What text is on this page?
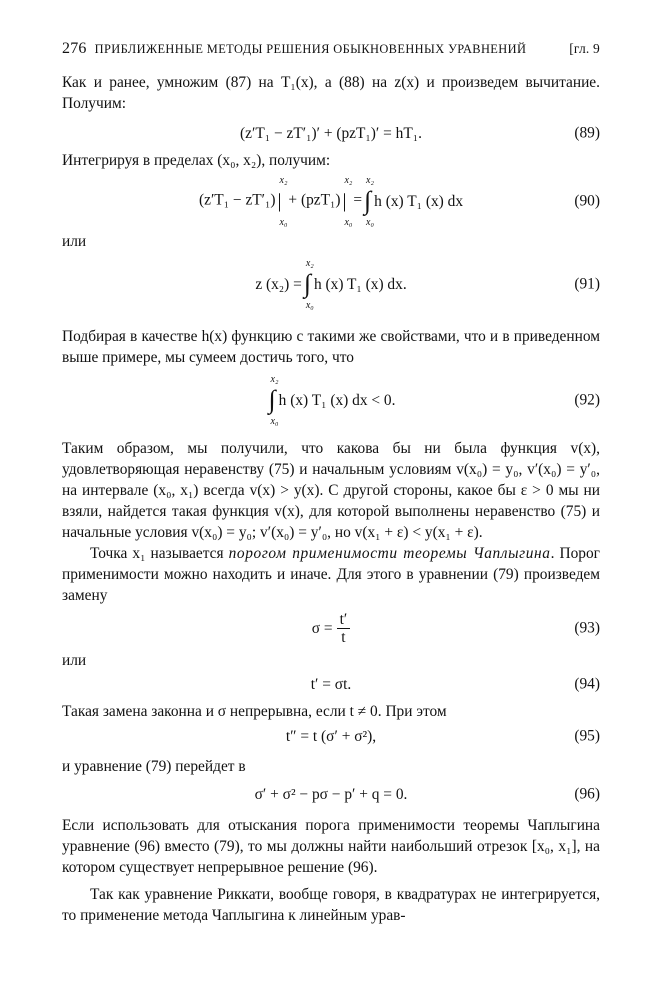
276 ПРИБЛИЖЕННЫЕ МЕТОДЫ РЕШЕНИЯ ОБЫКНОВЕННЫХ УРАВНЕНИЙ	[гл. 9

Как и ранее, умножим (87) на T₁(x), а (88) на z(x) и произведем вычитание. Получим:

(z′T₁ − zT′₁)′ + (pzT₁)′ = hT₁.	(89)

Интегрируя в пределах (x₀, x₂), получим:

(z′T₁ − zT′₁) |
x₂
x₀
+ (pzT₁) |
x₂
x₀
= ∫
x₂
x₀
h (x) T₁ (x) dx	(90)

или

z (x₂) = ∫
x₂
x₀
h (x) T₁ (x) dx.	(91)

Подбирая в качестве h(x) функцию с такими же свойствами, что и в приведенном выше примере, мы сумеем достичь того, что

∫
x₂
x₀
h (x) T₁ (x) dx < 0.	(92)

Таким образом, мы получили, что какова бы ни была функция v(x), удовлетворяющая неравенству (75) и начальным условиям v(x₀) = y₀, v′(x₀) = y′₀, на интервале (x₀, x₁) всегда v(x) > y(x). С другой стороны, какое бы ε > 0 мы ни взяли, найдется такая функция v(x), для которой выполнены неравенство (75) и начальные условия v(x₀) = y₀; v′(x₀) = y′₀, но v(x₁ + ε) < y(x₁ + ε).

Точка x₁ называется порогом применимости теоремы Чаплыгина. Порог применимости можно находить и иначе. Для этого в уравнении (79) произведем замену

$\sigma = \frac{t'}{t}$	(93)

или

t′ = σt.	(94)

Такая замена законна и σ непрерывна, если t ≠ 0. При этом

t″ = t (σ′ + σ²),	(95)

и уравнение (79) перейдет в

σ′ + σ² − pσ − p′ + q = 0.	(96)

Если использовать для отыскания порога применимости теоремы Чаплыгина уравнение (96) вместо (79), то мы должны найти наибольший отрезок [x₀, x₁], на котором существует непрерывное решение (96).

Так как уравнение Риккати, вообще говоря, в квадратурах не интегрируется, то применение метода Чаплыгина к линейным урав-
